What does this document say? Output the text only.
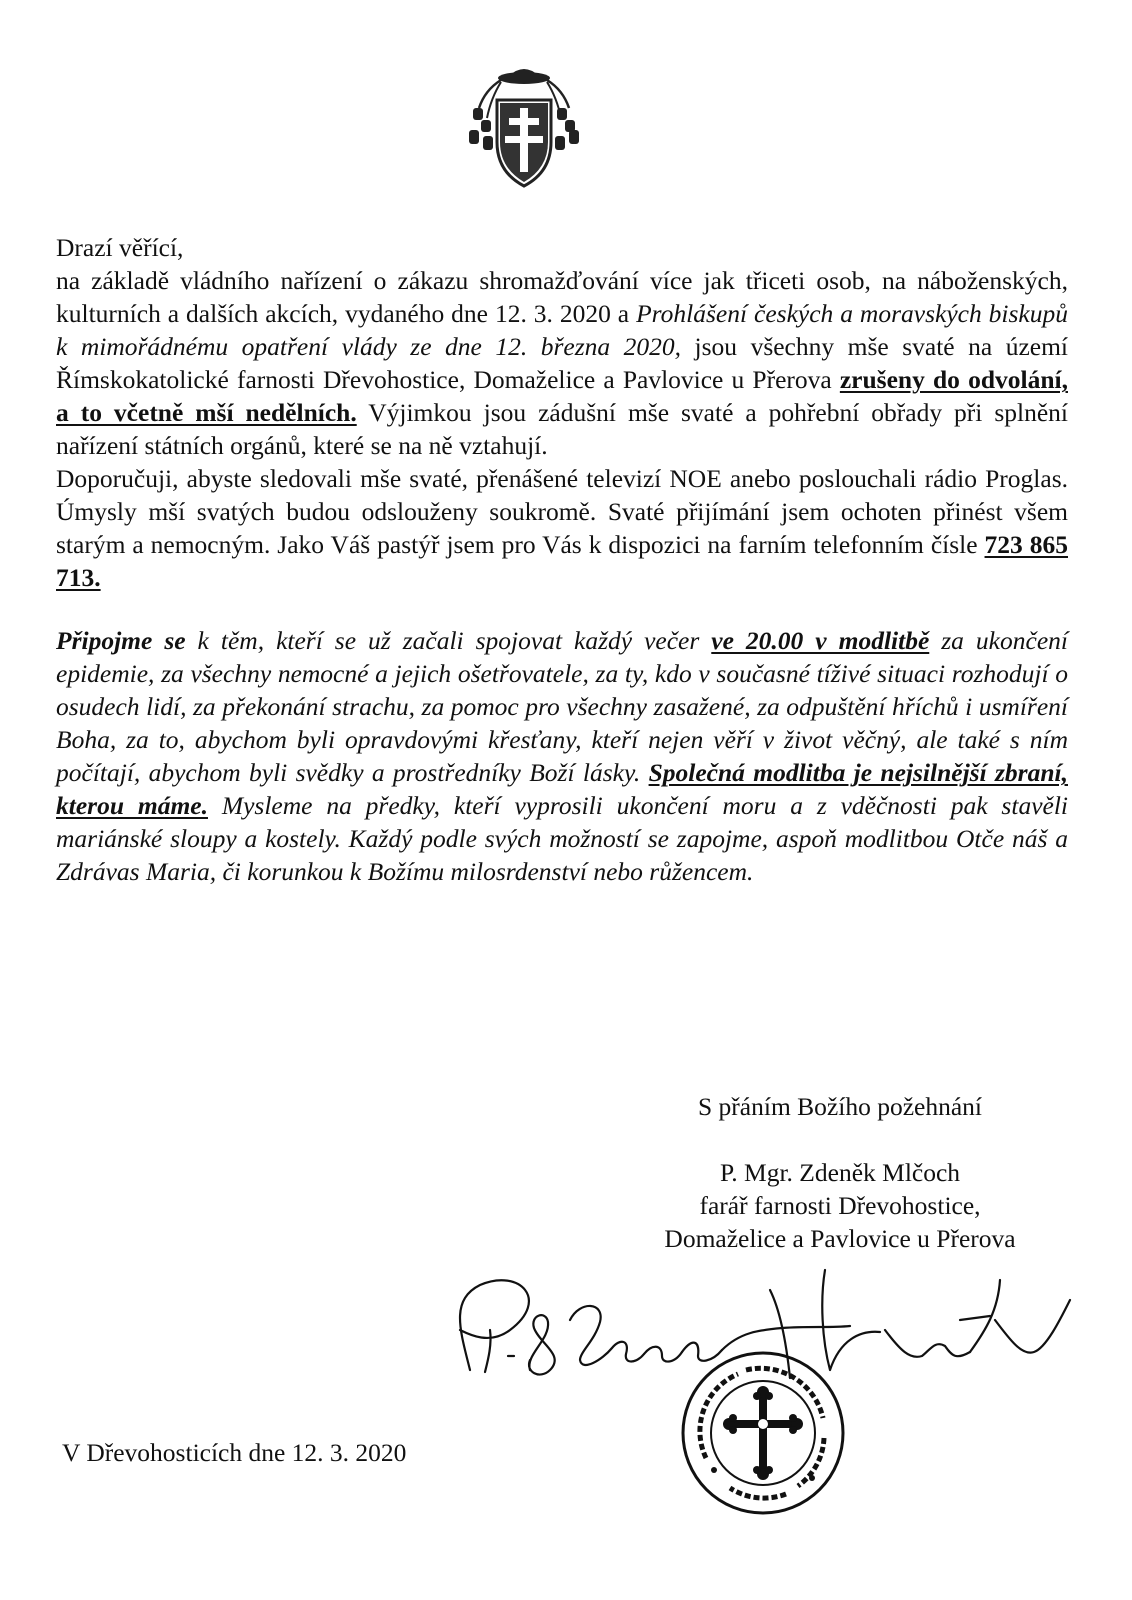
Drazí věřící,

na základě vládního nařízení o zákazu shromažďování více jak třiceti osob, na náboženských, kulturních a dalších akcích, vydaného dne 12. 3. 2020 a Prohlášení českých a moravských biskupů k mimořádnému opatření vlády ze dne 12. března 2020, jsou všechny mše svaté na území Římskokatolické farnosti Dřevohostice, Domaželice a Pavlovice u Přerova zrušeny do odvolání, a to včetně mší nedělních. Výjimkou jsou zádušní mše svaté a pohřební obřady při splnění nařízení státních orgánů, které se na ně vztahují.

Doporučuji, abyste sledovali mše svaté, přenášené televizí NOE anebo poslouchali rádio Proglas. Úmysly mší svatých budou odslouženy soukromě. Svaté přijímání jsem ochoten přinést všem starým a nemocným. Jako Váš pastýř jsem pro Vás k dispozici na farním telefonním čísle 723 865 713.

Připojme se k těm, kteří se už začali spojovat každý večer ve 20.00 v modlitbě za ukončení epidemie, za všechny nemocné a jejich ošetřovatele, za ty, kdo v současné tíživé situaci rozhodují o osudech lidí, za překonání strachu, za pomoc pro všechny zasažené, za odpuštění hříchů i usmíření Boha, za to, abychom byli opravdovými křesťany, kteří nejen věří v život věčný, ale také s ním počítají, abychom byli svědky a prostředníky Boží lásky. Společná modlitba je nejsilnější zbraní, kterou máme. Mysleme na předky, kteří vyprosili ukončení moru a z vděčnosti pak stavěli mariánské sloupy a kostely. Každý podle svých možností se zapojme, aspoň modlitbou Otče náš a Zdrávas Maria, či korunkou k Božímu milosrdenství nebo růžencem.

S přáním Božího požehnání
P. Mgr. Zdeněk Mlčoch
farář farnosti Dřevohostice,
Domaželice a Pavlovice u Přerova
V Dřevohosticích dne 12. 3. 2020
